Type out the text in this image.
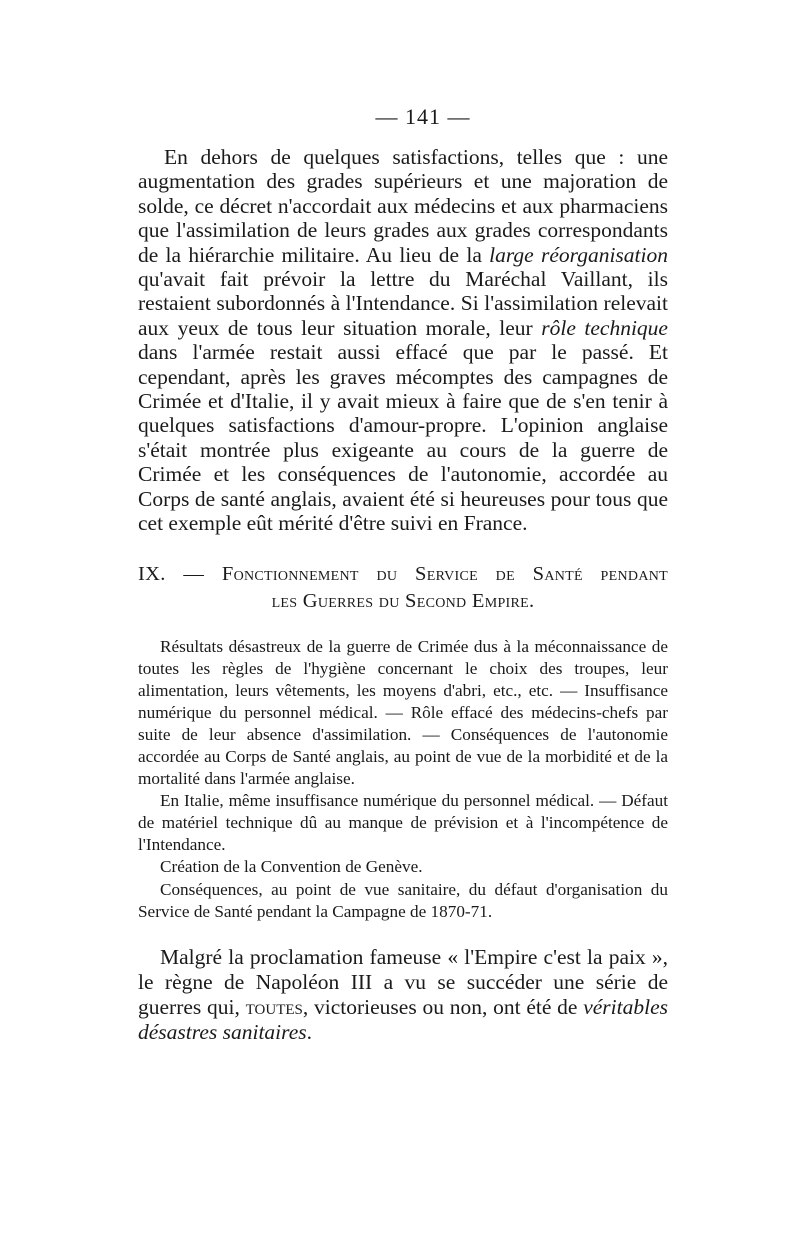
— 141 —

En dehors de quelques satisfactions, telles que : une augmentation des grades supérieurs et une majoration de solde, ce décret n'accordait aux médecins et aux pharmaciens que l'assimilation de leurs grades aux grades correspondants de la hiérarchie militaire. Au lieu de la large réorganisation qu'avait fait prévoir la lettre du Maréchal Vaillant, ils restaient subordonnés à l'Intendance. Si l'assimilation relevait aux yeux de tous leur situation morale, leur rôle technique dans l'armée restait aussi effacé que par le passé. Et cependant, après les graves mécomptes des campagnes de Crimée et d'Italie, il y avait mieux à faire que de s'en tenir à quelques satisfactions d'amour-propre. L'opinion anglaise s'était montrée plus exigeante au cours de la guerre de Crimée et les conséquences de l'autonomie, accordée au Corps de santé anglais, avaient été si heureuses pour tous que cet exemple eût mérité d'être suivi en France.

IX. — Fonctionnement du Service de Santé pendant
les Guerres du Second Empire.

Résultats désastreux de la guerre de Crimée dus à la méconnaissance de toutes les règles de l'hygiène concernant le choix des troupes, leur alimentation, leurs vêtements, les moyens d'abri, etc., etc. — Insuffisance numérique du personnel médical. — Rôle effacé des médecins-chefs par suite de leur absence d'assimilation. — Conséquences de l'autonomie accordée au Corps de Santé anglais, au point de vue de la morbidité et de la mortalité dans l'armée anglaise.

En Italie, même insuffisance numérique du personnel médical. — Défaut de matériel technique dû au manque de prévision et à l'incompétence de l'Intendance.

Création de la Convention de Genève.

Conséquences, au point de vue sanitaire, du défaut d'organisation du Service de Santé pendant la Campagne de 1870-71.

Malgré la proclamation fameuse « l'Empire c'est la paix », le règne de Napoléon III a vu se succéder une série de guerres qui, toutes, victorieuses ou non, ont été de véritables désastres sanitaires.
